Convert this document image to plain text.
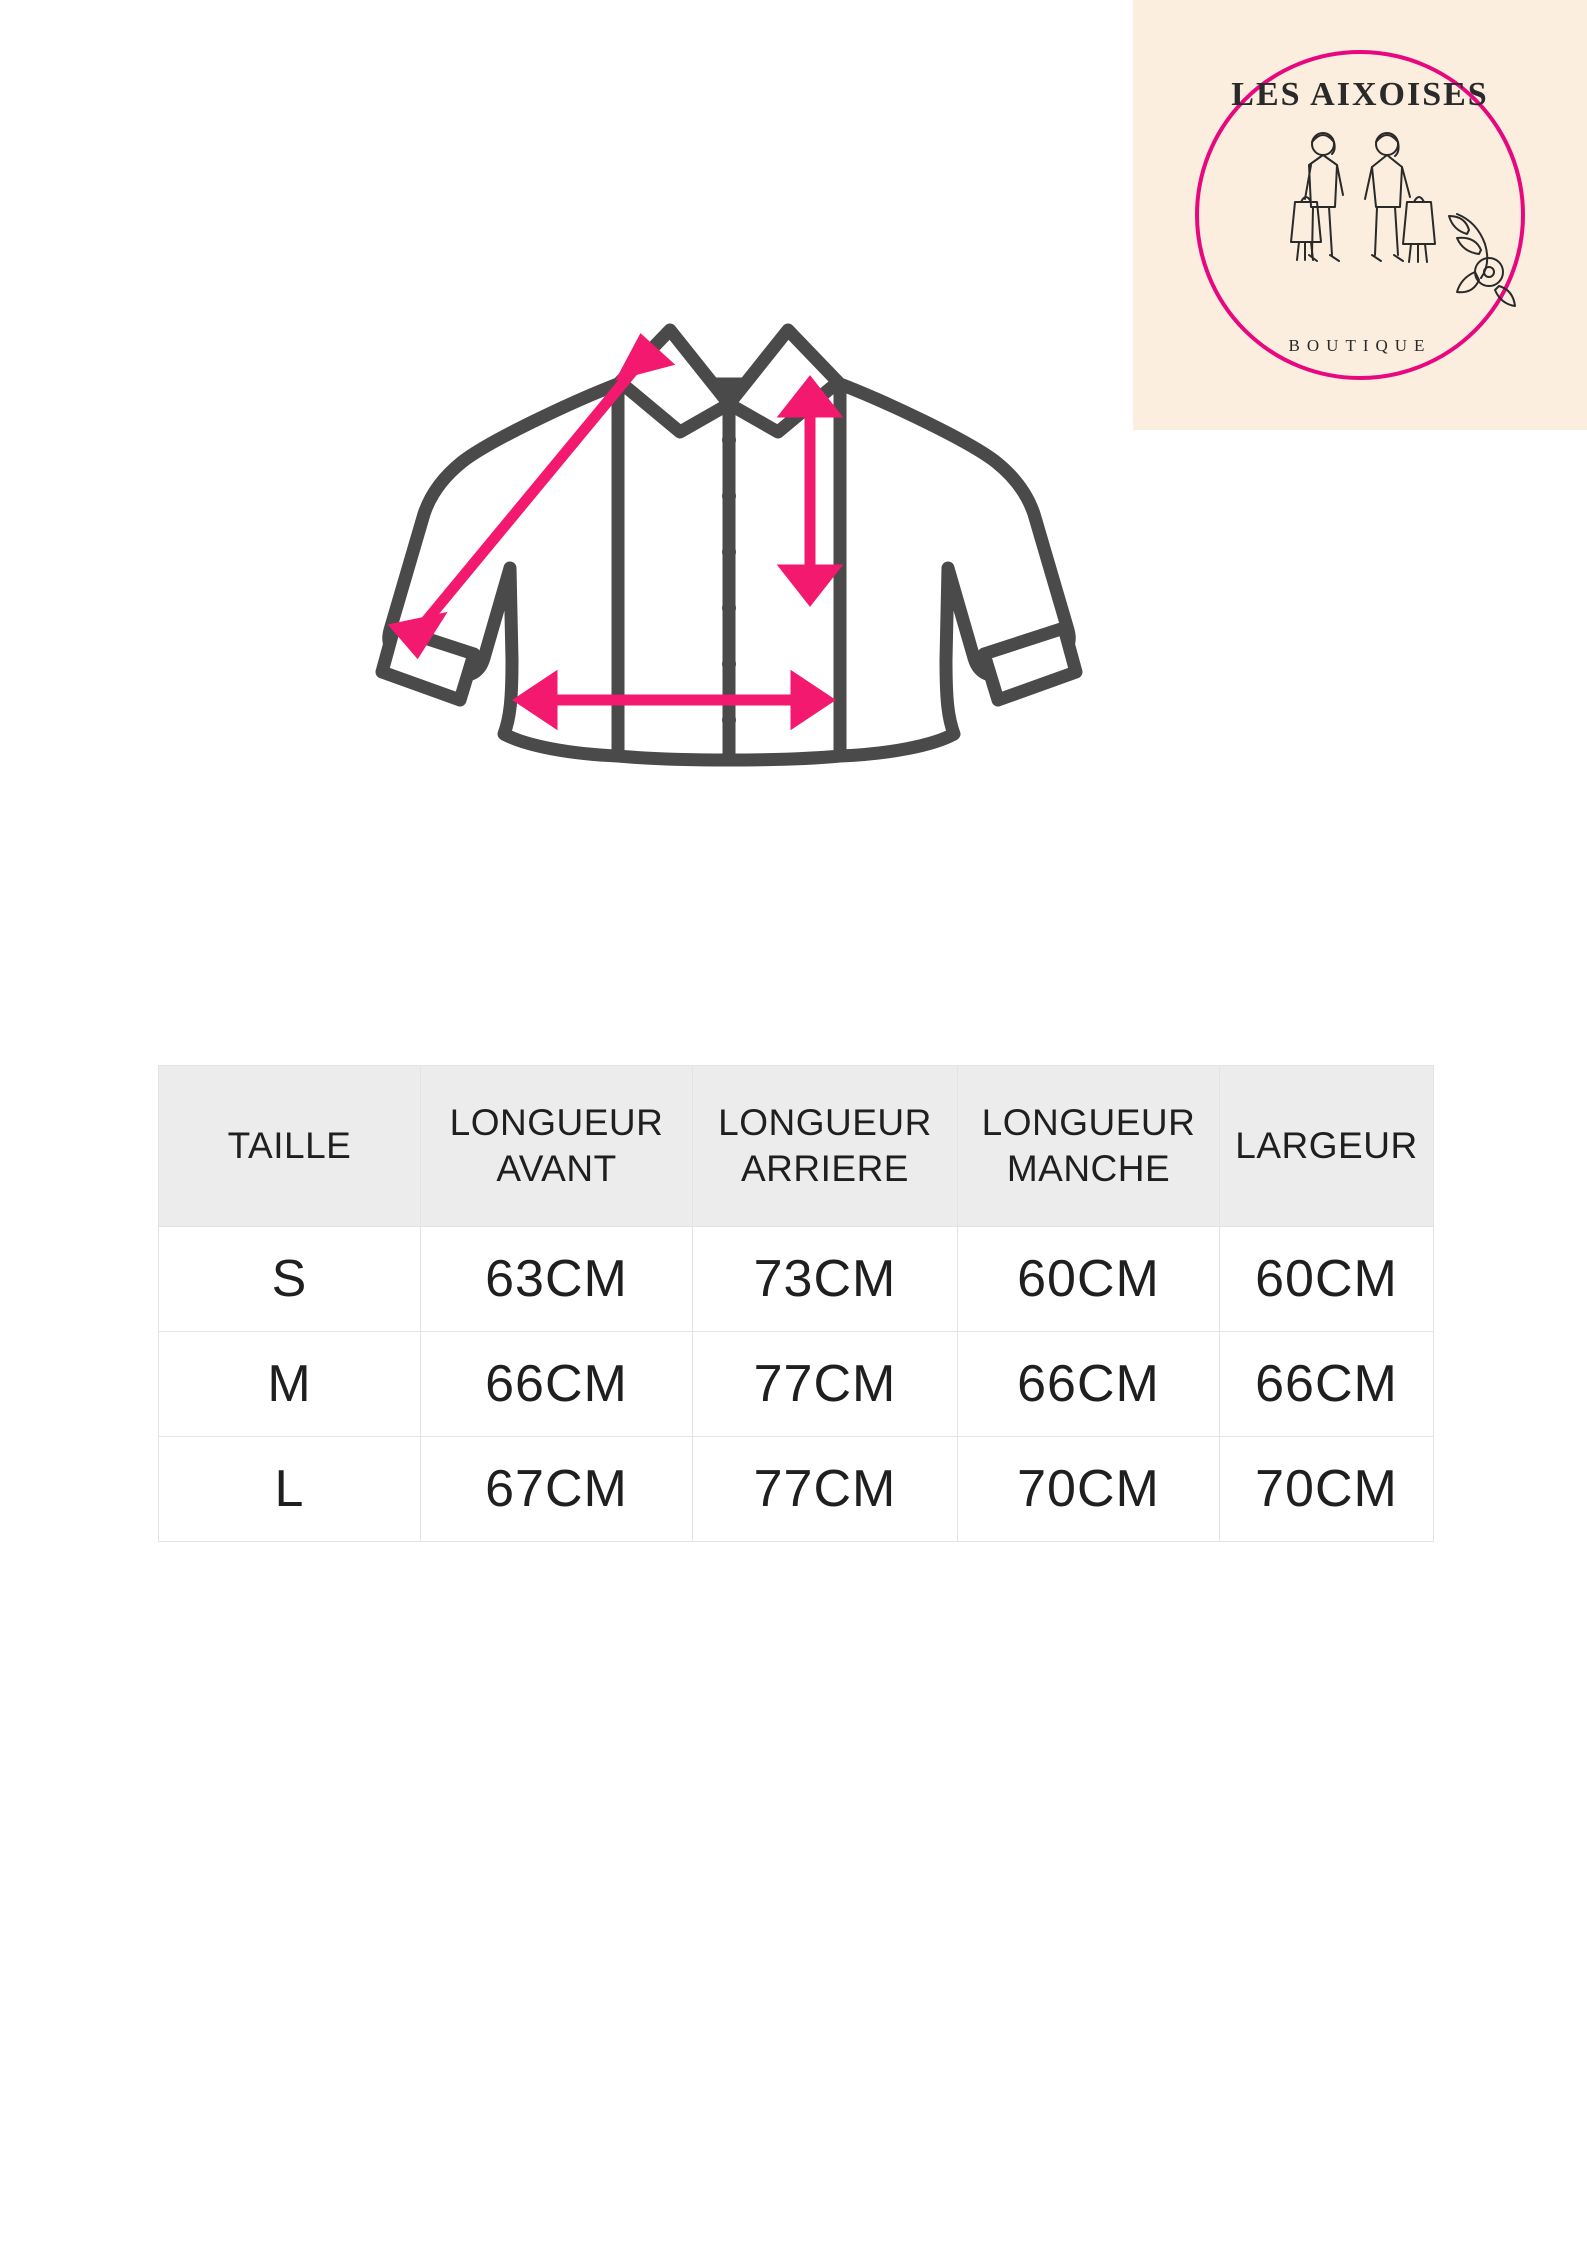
LES AIXOISES
BOUTIQUE
TAILLE	LONGUEUR AVANT	LONGUEUR ARRIERE	LONGUEUR MANCHE	LARGEUR
S	63CM	73CM	60CM	60CM
M	66CM	77CM	66CM	66CM
L	67CM	77CM	70CM	70CM
